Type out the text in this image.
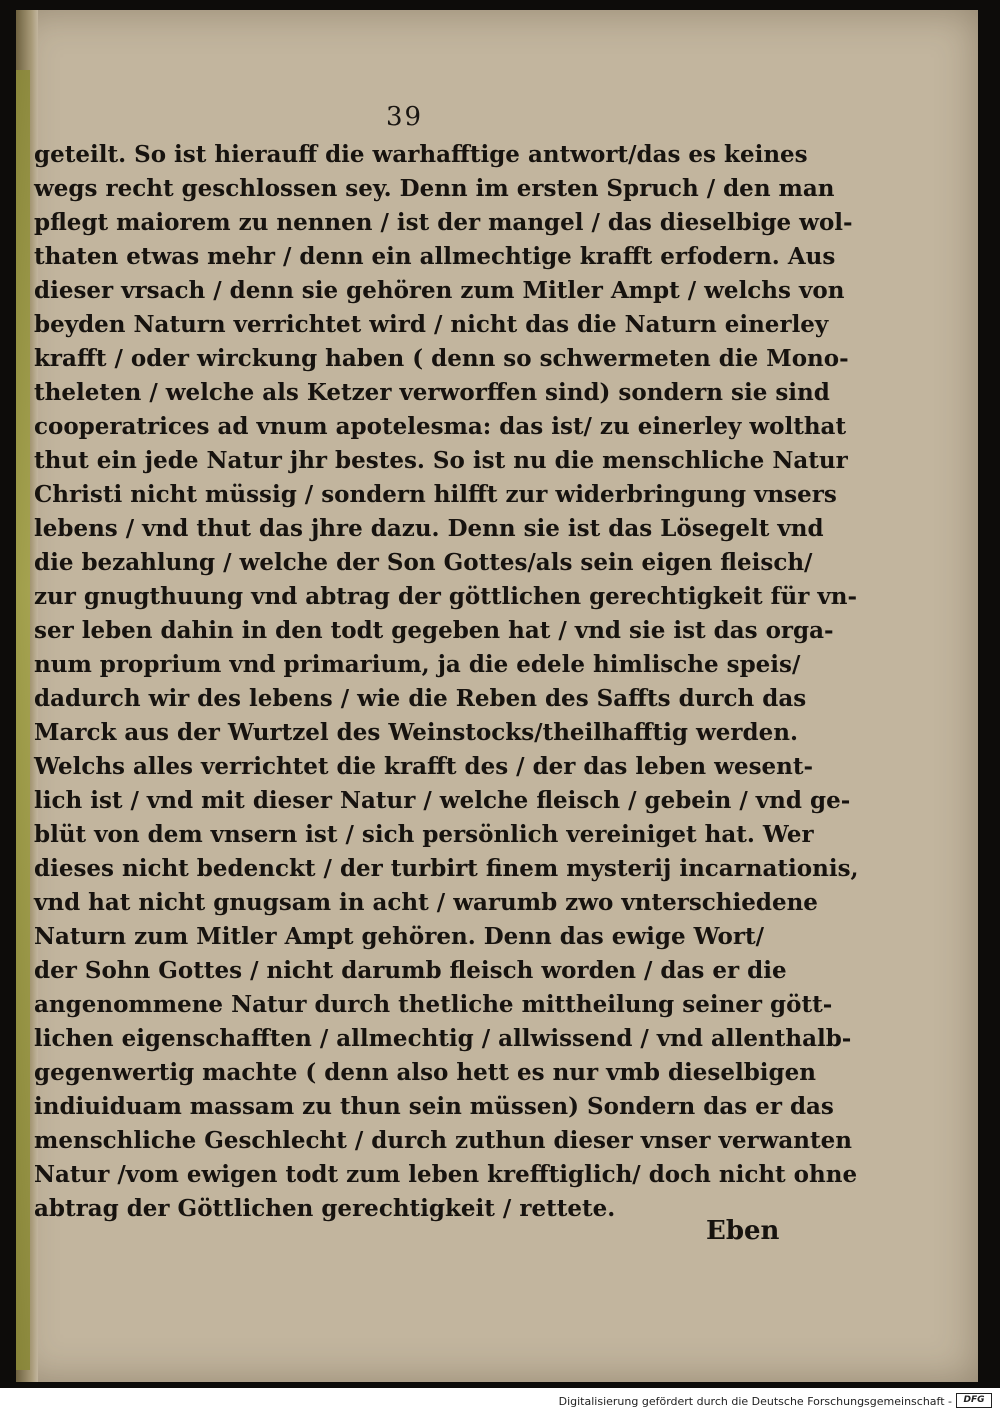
39
geteilt. So ist hierauff die warhafftige antwort/das es keines
wegs recht geschlossen sey. Denn im ersten Spruch / den man
pflegt maiorem zu nennen / ist der mangel / das dieselbige wol-
thaten etwas mehr / denn ein allmechtige krafft erfodern. Aus
dieser vrsach / denn sie gehören zum Mitler Ampt / welchs von
beyden Naturn verrichtet wird / nicht das die Naturn einerley
krafft / oder wirckung haben ( denn so schwermeten die Mono-
theleten / welche als Ketzer verworffen sind) sondern sie sind
cooperatrices ad vnum apotelesma: das ist/ zu einerley wolthat
thut ein jede Natur jhr bestes. So ist nu die menschliche Natur
Christi nicht müssig / sondern hilfft zur widerbringung vnsers
lebens / vnd thut das jhre dazu. Denn sie ist das Lösegelt vnd
die bezahlung / welche der Son Gottes/als sein eigen fleisch/
zur gnugthuung vnd abtrag der göttlichen gerechtigkeit für vn-
ser leben dahin in den todt gegeben hat / vnd sie ist das orga-
num proprium vnd primarium, ja die edele himlische speis/
dadurch wir des lebens / wie die Reben des Saffts durch das
Marck aus der Wurtzel des Weinstocks/theilhafftig werden.
Welchs alles verrichtet die krafft des / der das leben wesent-
lich ist / vnd mit dieser Natur / welche fleisch / gebein / vnd ge-
blüt von dem vnsern ist / sich persönlich vereiniget hat. Wer
dieses nicht bedenckt / der turbirt finem mysterij incarnationis,
vnd hat nicht gnugsam in acht / warumb zwo vnterschiedene
Naturn zum Mitler Ampt gehören. Denn das ewige Wort/
der Sohn Gottes / nicht darumb fleisch worden / das er die
angenommene Natur durch thetliche mittheilung seiner gött-
lichen eigenschafften / allmechtig / allwissend / vnd allenthalb-
gegenwertig machte ( denn also hett es nur vmb dieselbigen
indiuiduam massam zu thun sein müssen) Sondern das er das
menschliche Geschlecht / durch zuthun dieser vnser verwanten
Natur /vom ewigen todt zum leben krefftiglich/ doch nicht ohne
abtrag der Göttlichen gerechtigkeit / rettete.
Eben
Digitalisierung gefördert durch die Deutsche Forschungsgemeinschaft -	DFG
